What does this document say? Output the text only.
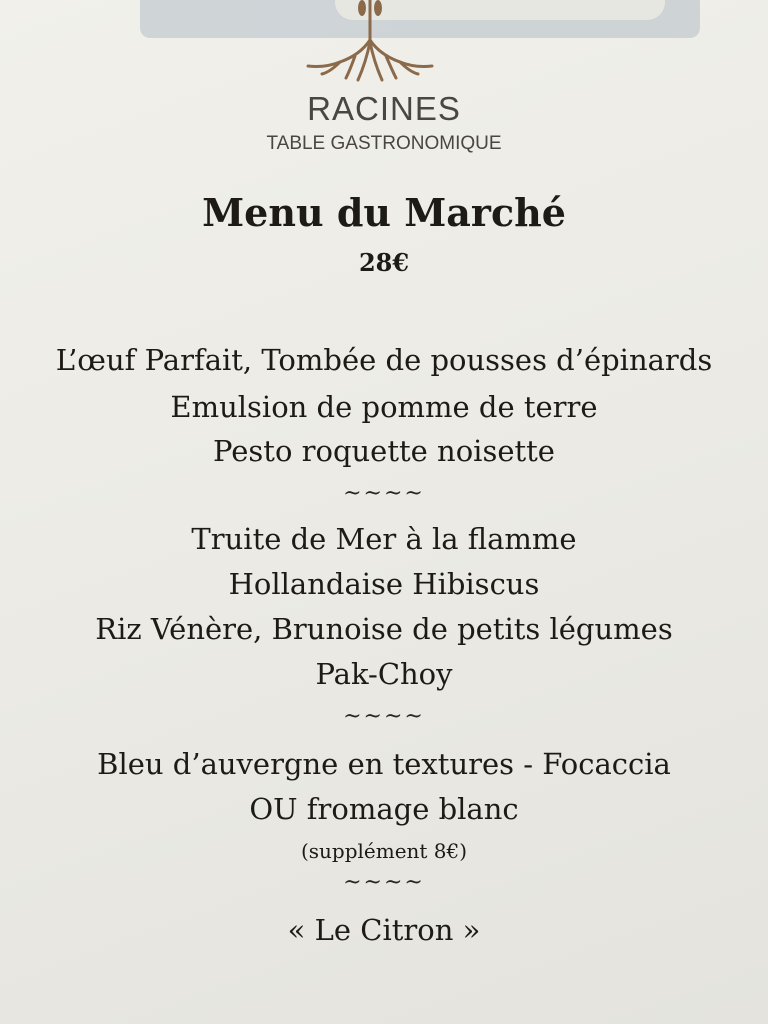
RACINES
TABLE GASTRONOMIQUE
Menu du Marché
28€
L’œuf Parfait, Tombée de pousses d’épinards
Emulsion de pomme de terre
Pesto roquette noisette
~~~~
Truite de Mer à la flamme
Hollandaise Hibiscus
Riz Vénère, Brunoise de petits légumes
Pak-Choy
~~~~
Bleu d’auvergne en textures - Focaccia
OU fromage blanc
(supplément 8€)
~~~~
« Le Citron »
